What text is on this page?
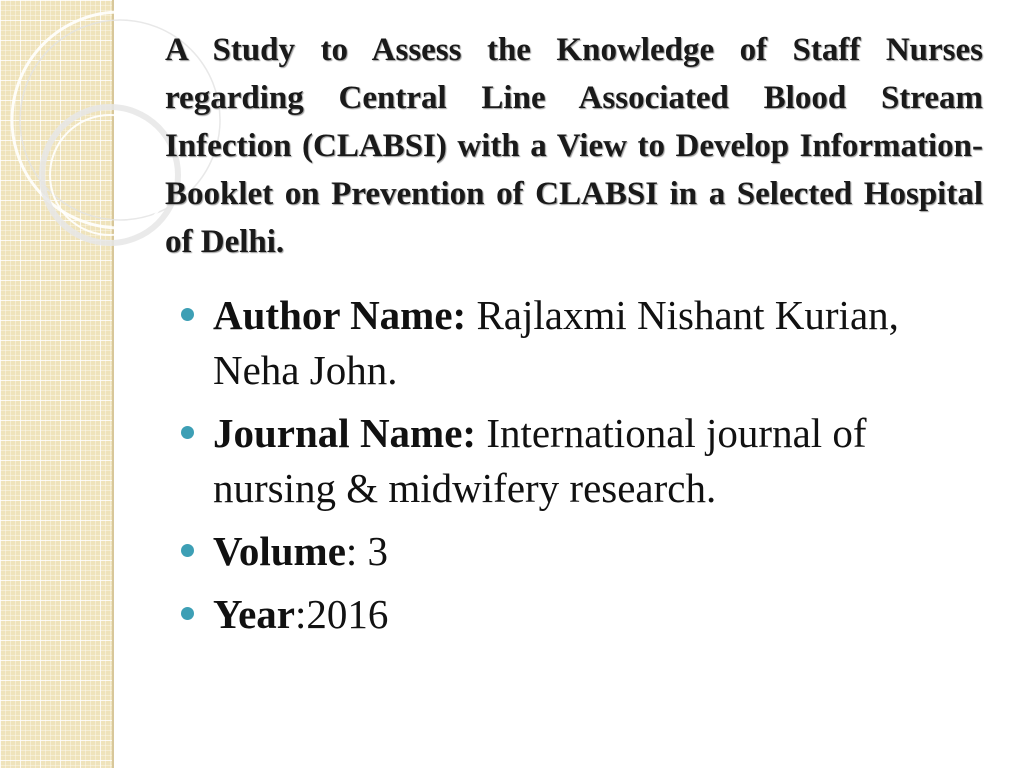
A Study to Assess the Knowledge of Staff Nurses regarding Central Line Associated Blood Stream Infection (CLABSI) with a View to Develop Information-Booklet on Prevention of CLABSI in a Selected Hospital of Delhi.
Author Name: Rajlaxmi Nishant Kurian, Neha John.
Journal Name: International journal of nursing & midwifery research.
Volume: 3
Year:2016
